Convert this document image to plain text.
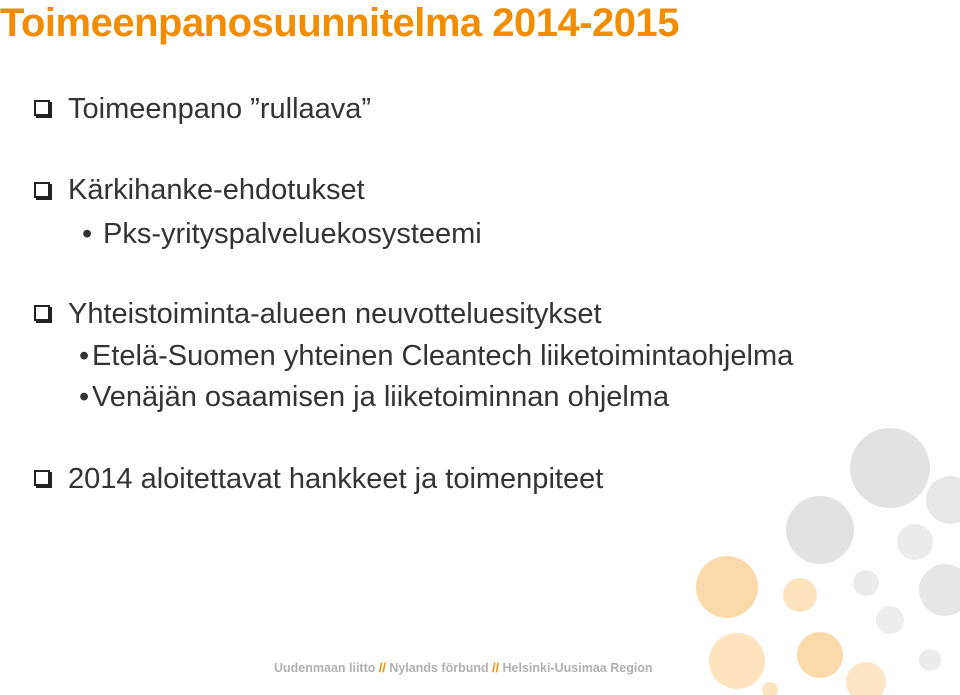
Toimeenpanosuunnitelma 2014-2015
Toimeenpano ”rullaava”
Kärkihanke-ehdotukset
• Pks-yrityspalveluekosysteemi
Yhteistoiminta-alueen neuvotteluesitykset
• Etelä-Suomen yhteinen Cleantech liiketoimintaohjelma
• Venäjän osaamisen ja liiketoiminnan ohjelma
2014 aloitettavat hankkeet ja toimenpiteet
Uudenmaan liitto // Nylands förbund // Helsinki-Uusimaa Region
